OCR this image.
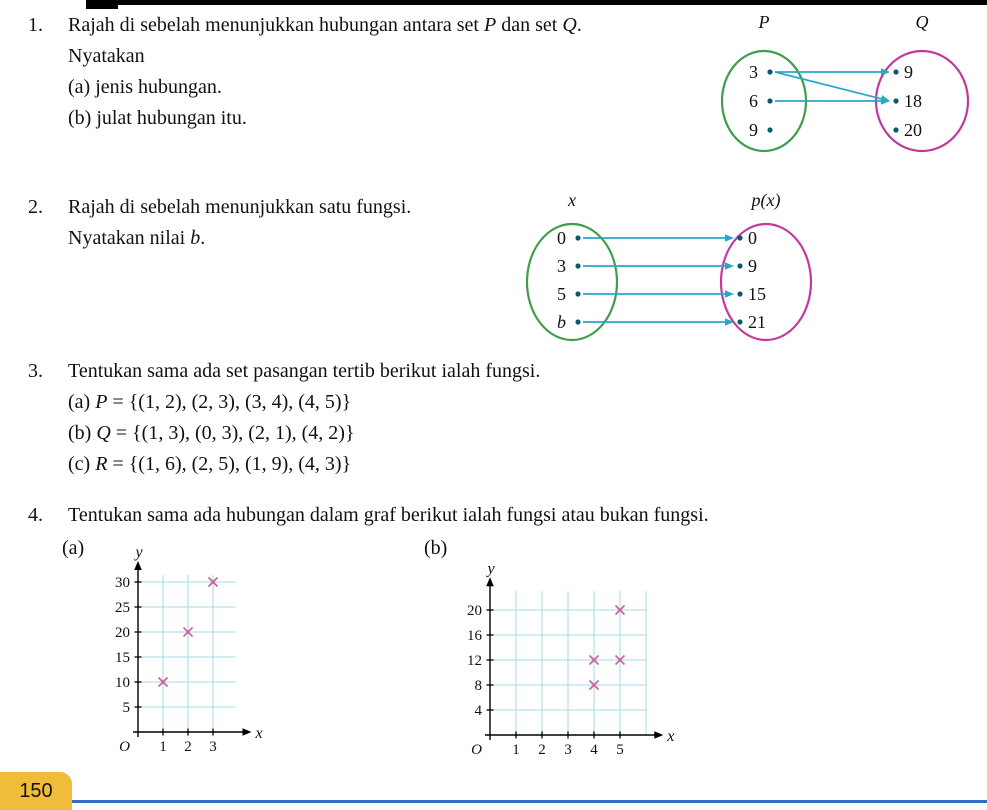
1.	Rajah di sebelah menunjukkan hubungan antara set P dan set Q.

Nyatakan

(a) jenis hubungan.

(b) julat hubungan itu.

P	Q
3
6
9
9
18
20
2.	Rajah di sebelah menunjukkan satu fungsi.

Nyatakan nilai b.

x	p(x)
0
3
5
b
0
9
15
21
3.	Tentukan sama ada set pasangan tertib berikut ialah fungsi.

(a) P = {(1, 2), (2, 3), (3, 4), (4, 5)}

(b) Q = {(1, 3), (0, 3), (2, 1), (4, 2)}

(c) R = {(1, 6), (2, 5), (1, 9), (4, 3)}

4.	Tentukan sama ada hubungan dalam graf berikut ialah fungsi atau bukan fungsi.

(a)	(b)
1 2 3
5
10
15
20
25
30
O
x
y
1 2 3 4 5
4
8
12
16
20
O
x
y
150
